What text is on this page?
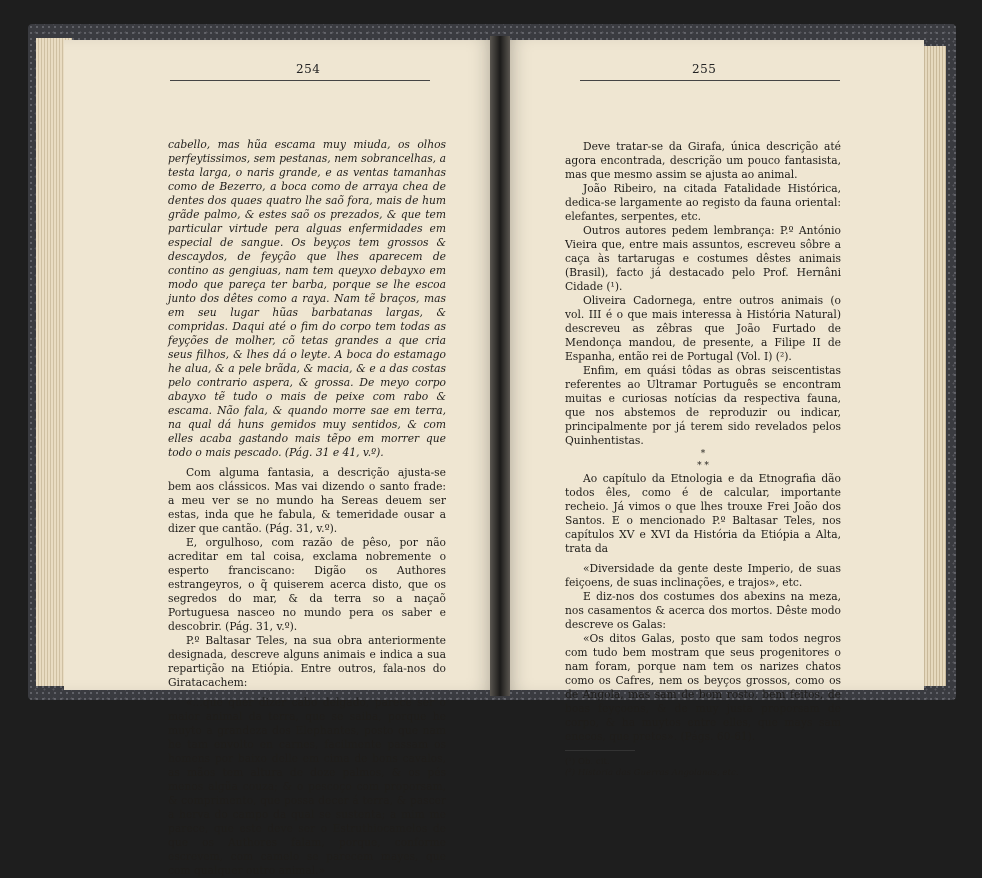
254	255

cabello, mas hũa escama muy miuda, os olhos perfeytissimos, sem pestanas, nem sobrancelhas, a testa larga, o naris grande, e as ventas tamanhas como de Bezerro, a boca como de arraya chea de dentes dos quaes quatro lhe saõ fora, mais de hum grãde palmo, & estes saõ os prezados, & que tem particular virtude pera alguas enfermidades em especial de sangue. Os beyços tem grossos & descaydos, de feyção que lhes aparecem de contino as gengiuas, nam tem queyxo debayxo em modo que pareça ter barba, porque se lhe escoa junto dos dêtes como a raya. Nam tẽ braços, mas em seu lugar hũas barbatanas largas, & compridas. Daqui até o fim do corpo tem todas as feyções de molher, cõ tetas grandes a que cria seus filhos, & lhes dá o leyte. A boca do estamago he alua, & a pele brãda, & macia, & e a das costas pelo contrario aspera, & grossa. De meyo corpo abayxo tẽ tudo o mais de peixe com rabo & escama. Não fala, & quando morre sae em terra, na qual dá huns gemidos muy sentidos, & com elles acaba gastando mais tẽpo em morrer que todo o mais pescado. (Pág. 31 e 41, v.º).

Com alguma fantasia, a descrição ajusta-se bem aos clássicos. Mas vai dizendo o santo frade: a meu ver se no mundo ha Sereas deuem ser estas, inda que he fabula, & temeridade ousar a dizer que cantão. (Pág. 31, v.º).

E, orgulhoso, com razão de pêso, por não acreditar em tal coisa, exclama nobremente o esperto franciscano: Digão os Authores estrangeyros, o q̃ quiserem acerca disto, que os segredos do mar, & da terra so a naçaõ Portuguesa nasceo no mundo pera os saber e descobrir. (Pág. 31, v.º).

P.º Baltasar Teles, na sua obra anteriormente designada, descreve alguns animais e indica a sua repartição na Etiópia. Entre outros, fala-nos do Giratacachem:

«...que quer dizer cabo delgado, parece ser o maior animal da terra, que se saiba, porque he muyto a grandeza dos Elephantes, posto que nam he tam envolto en carnes, facilmente passam os homens por baixo delle em cima de bons cavalos, as mãos tem altura de doze palmos, & os pés menos algũa couza; & o pescoço com proporsam, & comprimento, que possa decer á terra, & pascer a herva do campo da qual se sustenta; a mim me parece, que este deve ser o Estruthiocamelos de que os Authores falam, porque, conforme escrevem, com camelo se parecem mayes, que com qualquer outro animal.»

Deve tratar-se da Girafa, única descrição até agora encontrada, descrição um pouco fantasista, mas que mesmo assim se ajusta ao animal.

João Ribeiro, na citada Fatalidade Histórica, dedica-se largamente ao registo da fauna oriental: elefantes, serpentes, etc.

Outros autores pedem lembrança: P.º António Vieira que, entre mais assuntos, escreveu sôbre a caça às tartarugas e costumes dêstes animais (Brasil), facto já destacado pelo Prof. Hernâni Cidade (¹).

Oliveira Cadornega, entre outros animais (o vol. III é o que mais interessa à História Natural) descreveu as zêbras que João Furtado de Mendonça mandou, de presente, a Filipe II de Espanha, então rei de Portugal (Vol. I) (²).

Enfim, em quási tôdas as obras seiscentistas referentes ao Ultramar Português se encontram muitas e curiosas notícias da respectiva fauna, que nos abstemos de reproduzir ou indicar, principalmente por já terem sido revelados pelos Quinhentistas.

*
* *

Ao capítulo da Etnologia e da Etnografia dão todos êles, como é de calcular, importante recheio. Já vimos o que lhes trouxe Frei João dos Santos. E o mencionado P.º Baltasar Teles, nos capítulos XV e XVI da História da Etiópia a Alta, trata da

«Diversidade da gente deste Imperio, de suas feiçoens, de suas inclinações, e trajos», etc.

E diz-nos dos costumes dos abexins na meza, nos casamentos & acerca dos mortos. Dêste modo descreve os Galas:

«Os ditos Galas, posto que sam todos negros com tudo bem mostram que seus progenitores o nam foram, porque nam tem os narizes chatos como os Cafres, nem os beyços grossos, como os de Angola, mas sam de bom rosto, bem feitos, de boas feyçoens, & de muy justa proporsam de corpo, & ha muytos entre elles, que mays sam enecos, que pretos». (Págs. 60-61).

(¹) Ob. cit.

(²) Historia das Guerras Angolanas, etc.
